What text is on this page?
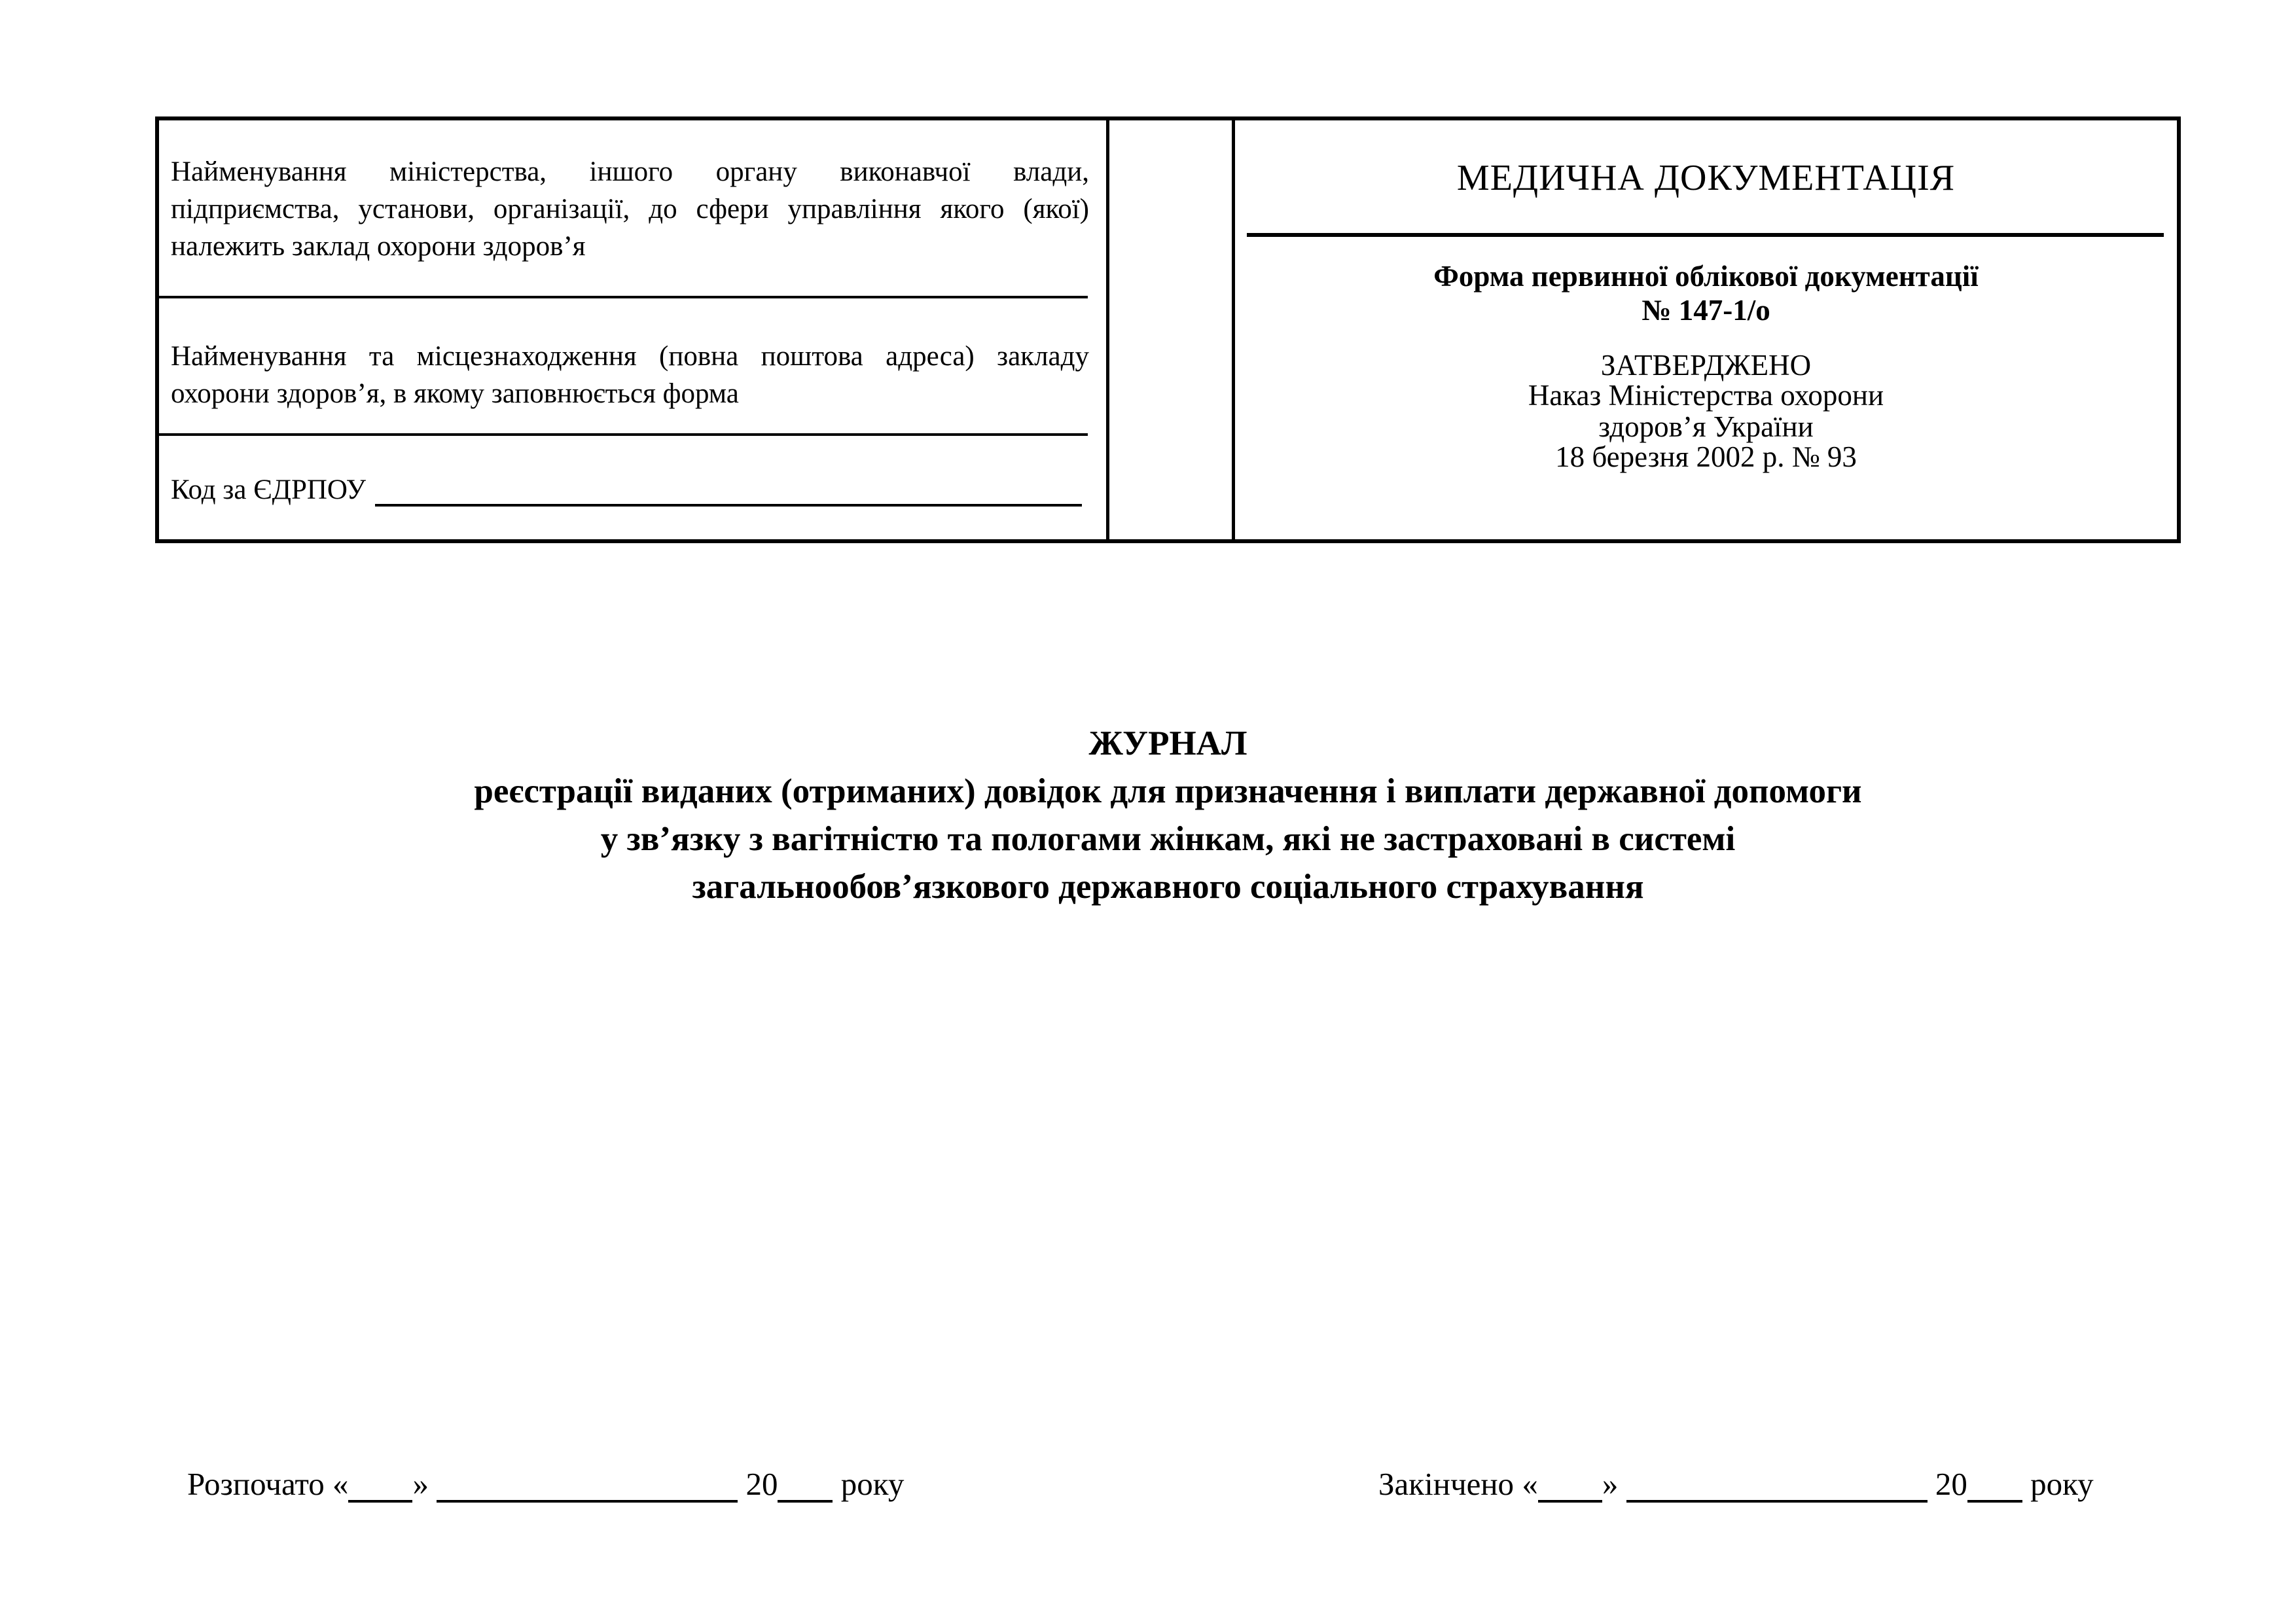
Найменування міністерства, іншого органу виконавчої влади,
підприємства, установи, організації, до сфери управління якого (якої)
належить заклад охорони здоров’я
Найменування та місцезнаходження (повна поштова адреса) закладу
охорони здоров’я, в якому заповнюється форма
Код за ЄДРПОУ
МЕДИЧНА ДОКУМЕНТАЦІЯ
Форма первинної облікової документації
№ 147-1/о
ЗАТВЕРДЖЕНО
Наказ Міністерства охорони
здоров’я України
18 березня 2002 р. № 93
ЖУРНАЛ
реєстрації виданих (отриманих) довідок для призначення і виплати державної допомоги
у зв’язку з вагітністю та пологами жінкам, які не застраховані в системі
загальнообов’язкового державного соціального страхування
Розпочато « »	20 року	Закінчено « »	20 року
